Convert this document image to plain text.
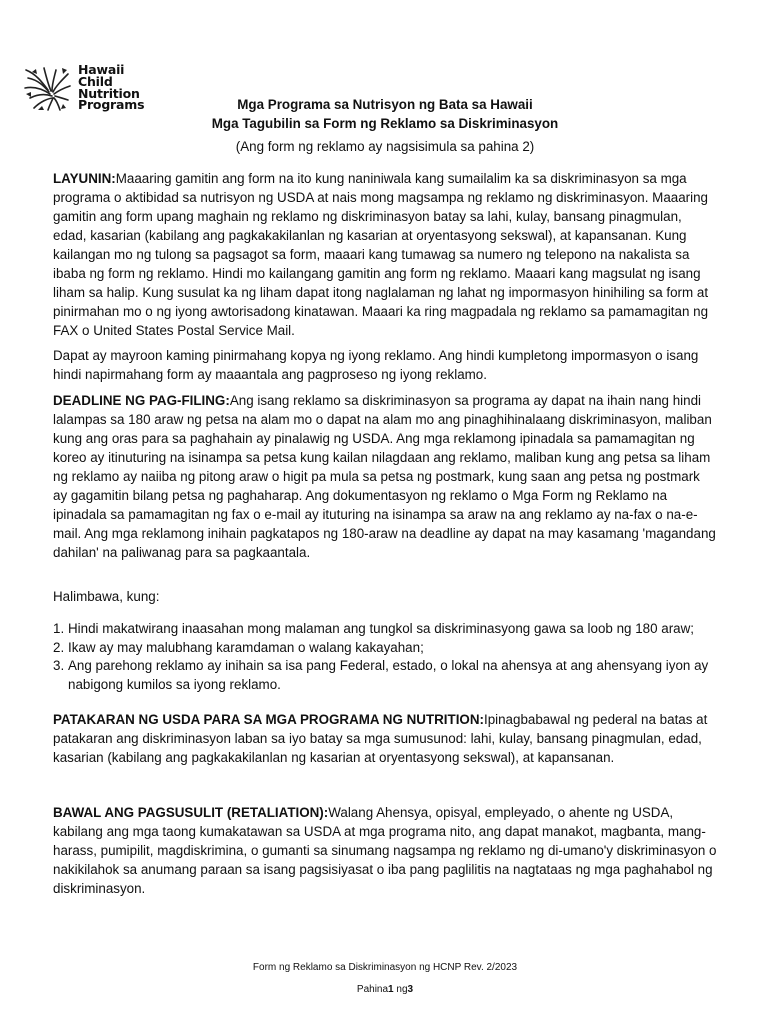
Hawaii
Child
Nutrition
Programs	Mga Programa sa Nutrisyon ng Bata sa Hawaii
Mga Tagubilin sa Form ng Reklamo sa Diskriminasyon
(Ang form ng reklamo ay nagsisimula sa pahina 2)
LAYUNIN:Maaaring gamitin ang form na ito kung naniniwala kang sumailalim ka sa diskriminasyon sa mga programa o aktibidad sa nutrisyon ng USDA at nais mong magsampa ng reklamo ng diskriminasyon. Maaaring gamitin ang form upang maghain ng reklamo ng diskriminasyon batay sa lahi, kulay, bansang pinagmulan, edad, kasarian (kabilang ang pagkakakilanlan ng kasarian at oryentasyong sekswal), at kapansanan. Kung kailangan mo ng tulong sa pagsagot sa form, maaari kang tumawag sa numero ng telepono na nakalista sa ibaba ng form ng reklamo. Hindi mo kailangang gamitin ang form ng reklamo. Maaari kang magsulat ng isang liham sa halip. Kung susulat ka ng liham dapat itong naglalaman ng lahat ng impormasyon hinihiling sa form at pinirmahan mo o ng iyong awtorisadong kinatawan. Maaari ka ring magpadala ng reklamo sa pamamagitan ng FAX o United States Postal Service Mail.
Dapat ay mayroon kaming pinirmahang kopya ng iyong reklamo. Ang hindi kumpletong impormasyon o isang hindi napirmahang form ay maaantala ang pagproseso ng iyong reklamo.
DEADLINE NG PAG-FILING:Ang isang reklamo sa diskriminasyon sa programa ay dapat na ihain nang hindi lalampas sa 180 araw ng petsa na alam mo o dapat na alam mo ang pinaghihinalaang diskriminasyon, maliban kung ang oras para sa paghahain ay pinalawig ng USDA. Ang mga reklamong ipinadala sa pamamagitan ng koreo ay itinuturing na isinampa sa petsa kung kailan nilagdaan ang reklamo, maliban kung ang petsa sa liham ng reklamo ay naiiba ng pitong araw o higit pa mula sa petsa ng postmark, kung saan ang petsa ng postmark ay gagamitin bilang petsa ng paghaharap. Ang dokumentasyon ng reklamo o Mga Form ng Reklamo na ipinadala sa pamamagitan ng fax o e-mail ay ituturing na isinampa sa araw na ang reklamo ay na-fax o na-e-mail. Ang mga reklamong inihain pagkatapos ng 180-araw na deadline ay dapat na may kasamang 'magandang dahilan' na paliwanag para sa pagkaantala.
Halimbawa, kung:
1. Hindi makatwirang inaasahan mong malaman ang tungkol sa diskriminasyong gawa sa loob ng 180 araw;
2. Ikaw ay may malubhang karamdaman o walang kakayahan;
3. Ang parehong reklamo ay inihain sa isa pang Federal, estado, o lokal na ahensya at ang ahensyang iyon ay nabigong kumilos sa iyong reklamo.
PATAKARAN NG USDA PARA SA MGA PROGRAMA NG NUTRITION:Ipinagbabawal ng pederal na batas at patakaran ang diskriminasyon laban sa iyo batay sa mga sumusunod: lahi, kulay, bansang pinagmulan, edad, kasarian (kabilang ang pagkakakilanlan ng kasarian at oryentasyong sekswal), at kapansanan.
BAWAL ANG PAGSUSULIT (RETALIATION):Walang Ahensya, opisyal, empleyado, o ahente ng USDA, kabilang ang mga taong kumakatawan sa USDA at mga programa nito, ang dapat manakot, magbanta, mang-harass, pumipilit, magdiskrimina, o gumanti sa sinumang nagsampa ng reklamo ng di-umano'y diskriminasyon o nakikilahok sa anumang paraan sa isang pagsisiyasat o iba pang paglilitis na nagtataas ng mga paghahabol ng diskriminasyon.
Form ng Reklamo sa Diskriminasyon ng HCNP Rev. 2/2023
Pahina1 ng3
